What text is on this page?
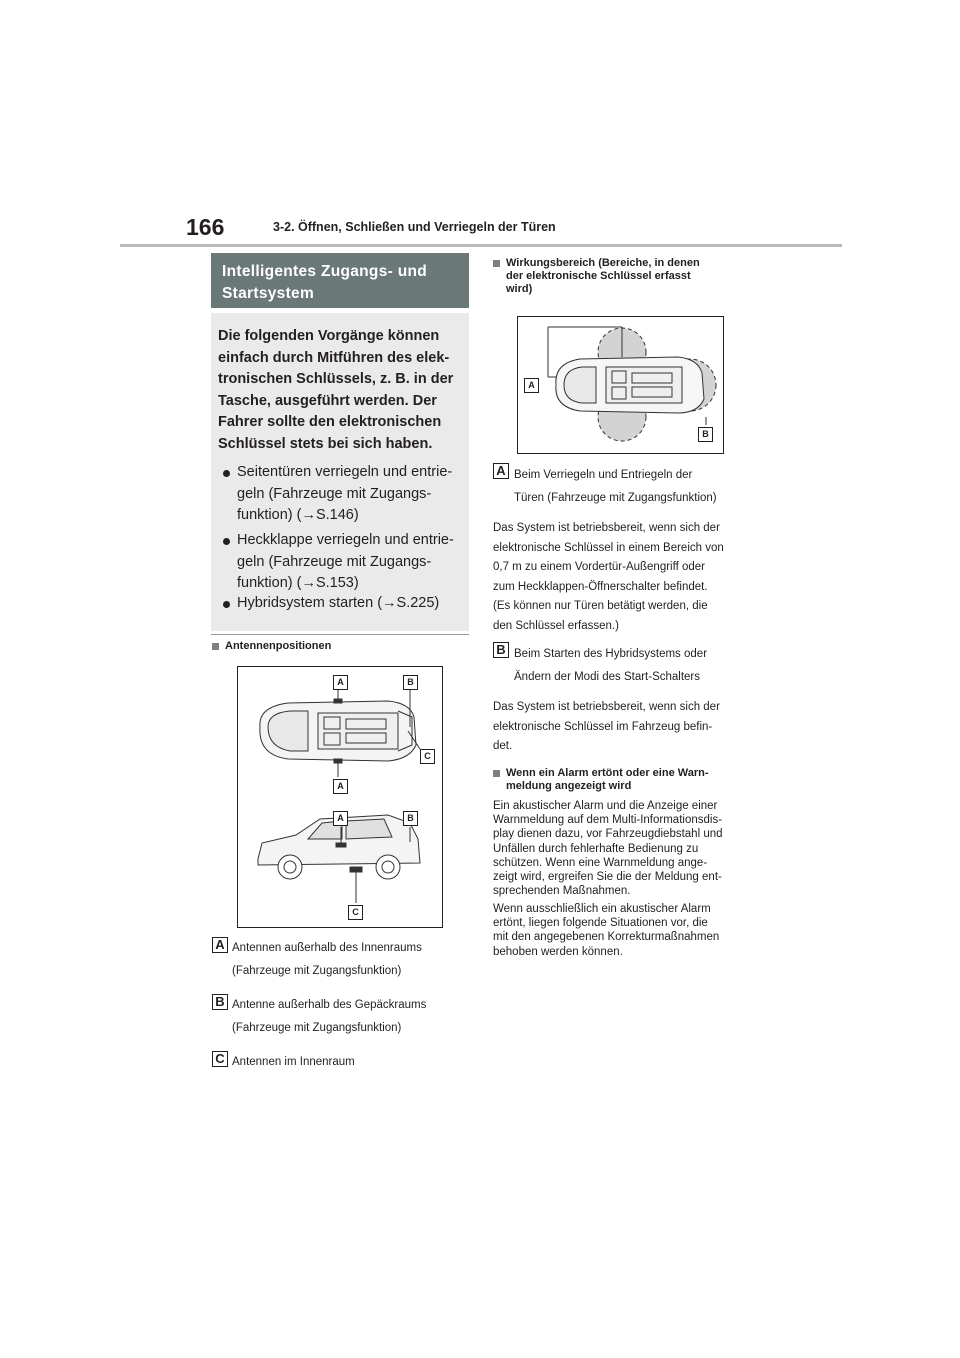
166	3-2. Öffnen, Schließen und Verriegeln der Türen
Intelligentes Zugangs- und Startsystem
Die folgenden Vorgänge können
einfach durch Mitführen des elek-
tronischen Schlüssels, z. B. in der
Tasche, ausgeführt werden. Der
Fahrer sollte den elektronischen
Schlüssel stets bei sich haben.
Seitentüren verriegeln und entrie-
geln (Fahrzeuge mit Zugangs-
funktion) (→S.146)
Heckklappe verriegeln und entrie-
geln (Fahrzeuge mit Zugangs-
funktion) (→S.153)
Hybridsystem starten (→S.225)
Antennenpositionen
A	B
C
A
A	B
C
A Antennen außerhalb des Innenraums
(Fahrzeuge mit Zugangsfunktion)
B Antenne außerhalb des Gepäckraums
(Fahrzeuge mit Zugangsfunktion)
C Antennen im Innenraum
Wirkungsbereich (Bereiche, in denen
der elektronische Schlüssel erfasst
wird)
A
B
A Beim Verriegeln und Entriegeln der
Türen (Fahrzeuge mit Zugangsfunktion)
Das System ist betriebsbereit, wenn sich der
elektronische Schlüssel in einem Bereich von
0,7 m zu einem Vordertür-Außengriff oder
zum Heckklappen-Öffnerschalter befindet.
(Es können nur Türen betätigt werden, die
den Schlüssel erfassen.)
B Beim Starten des Hybridsystems oder
Ändern der Modi des Start-Schalters
Das System ist betriebsbereit, wenn sich der
elektronische Schlüssel im Fahrzeug befin-
det.
Wenn ein Alarm ertönt oder eine Warn-
meldung angezeigt wird
Ein akustischer Alarm und die Anzeige einer
Warnmeldung auf dem Multi-Informationsdis-
play dienen dazu, vor Fahrzeugdiebstahl und
Unfällen durch fehlerhafte Bedienung zu
schützen. Wenn eine Warnmeldung ange-
zeigt wird, ergreifen Sie die der Meldung ent-
sprechenden Maßnahmen.
Wenn ausschließlich ein akustischer Alarm
ertönt, liegen folgende Situationen vor, die
mit den angegebenen Korrekturmaßnahmen
behoben werden können.
